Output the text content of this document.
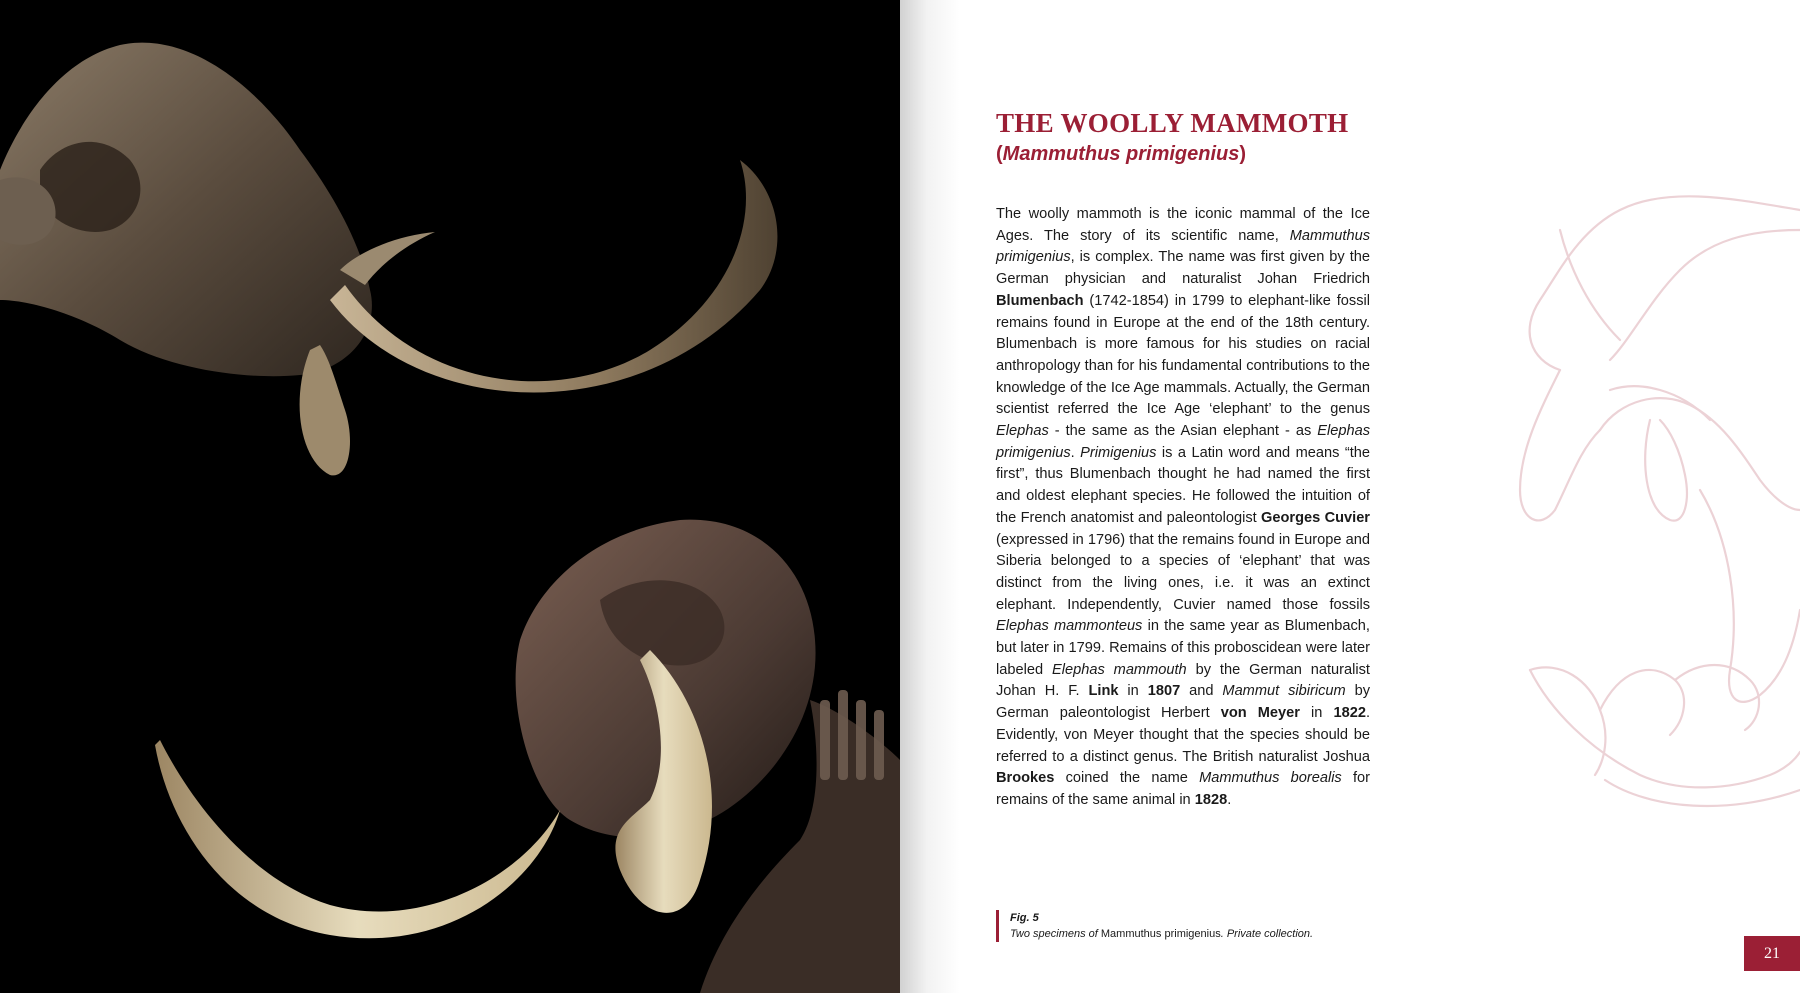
THE WOOLLY MAMMOTH
(Mammuthus primigenius)

The woolly mammoth is the iconic mammal of the Ice Ages. The story of its scientific name, Mammuthus primigenius, is complex. The name was first given by the German physician and naturalist Johan Friedrich Blumenbach (1742-1854) in 1799 to elephant-like fossil remains found in Europe at the end of the 18th century. Blumenbach is more famous for his studies on racial anthropology than for his fundamental contributions to the knowledge of the Ice Age mammals. Actually, the German scientist referred the Ice Age ‘elephant’ to the genus Elephas - the same as the Asian elephant - as Elephas primigenius. Primigenius is a Latin word and means “the first”, thus Blumenbach thought he had named the first and oldest elephant species. He followed the intuition of the French anatomist and paleontologist Georges Cuvier (expressed in 1796) that the remains found in Europe and Siberia belonged to a species of ‘elephant’ that was distinct from the living ones, i.e. it was an extinct elephant. Independently, Cuvier named those fossils Elephas mammonteus in the same year as Blumenbach, but later in 1799. Remains of this proboscidean were later labeled Elephas mammouth by the German naturalist Johan H. F. Link in 1807 and Mammut sibiricum by German paleontologist Herbert von Meyer in 1822. Evidently, von Meyer thought that the species should be referred to a distinct genus. The British naturalist Joshua Brookes coined the name Mammuthus borealis for remains of the same animal in 1828.

Fig. 5
Two specimens of Mammuthus primigenius. Private collection.
21
